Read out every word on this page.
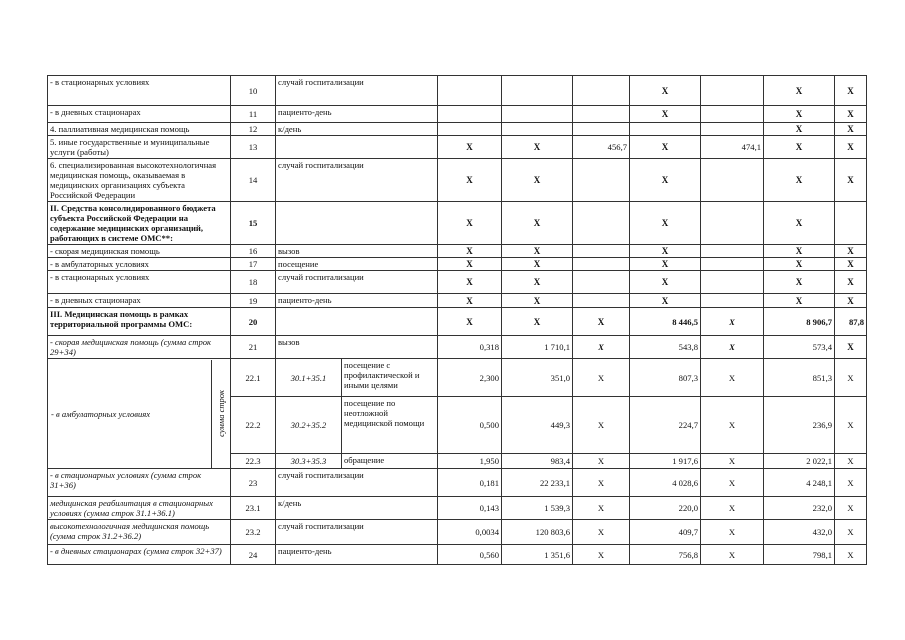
- в стационарных условиях	10	случай госпитализации					X		X	X
- в дневных стационарах	11	пациенто-день					X		X	X
4. паллиативная медицинская помощь	12	к/день							X	X
5. иные государственные и муниципальные услуги (работы)	13			X	X	456,7	X	474,1	X	X
6. специализированная высокотехнологичная медицинская помощь, оказываемая в медицинских организациях субъекта Российской Федерации	14	случай госпитализации		X	X		X		X	X
II. Средства консолидированного бюджета субъекта Российской Федерации на содержание медицинских организаций, работающих в системе ОМС**:	15			X	X		X		X	
- скорая медицинская помощь	16	вызов		X	X		X		X	X
- в амбулаторных условиях	17	посещение		X	X		X		X	X
- в стационарных условиях	18	случай госпитализации		X	X		X		X	X
- в дневных стационарах	19	пациенто-день		X	X		X		X	X
III. Медицинская помощь в рамках территориальной программы ОМС:	20			X	X	X	8 446,5	X	8 906,7	87,8
- скорая медицинская помощь (сумма строк 29+34)	21	вызов		0,318	1 710,1	X	543,8	X	573,4	X

- в амбулаторных условиях сумма строк	22.1	30.1+35.1	посещение с профилактической и иными целями	2,300	351,0	X	807,3	X	851,3	X
	22.2	30.2+35.2	посещение по неотложной медицинской помощи	0,500	449,3	X	224,7	X	236,9	X
	22.3	30.3+35.3	обращение	1,950	983,4	X	1 917,6	X	2 022,1	X
- в стационарных условиях (сумма строк 31+36)	23	случай госпитализации		0,181	22 233,1	X	4 028,6	X	4 248,1	X
медицинская реабилитация в стационарных условиях (сумма строк 31.1+36.1)	23.1	к/день		0,143	1 539,3	X	220,0	X	232,0	X
высокотехнологичная медицинская помощь (сумма строк 31.2+36.2)	23.2	случай госпитализации		0,0034	120 803,6	X	409,7	X	432,0	X
- в дневных стационарах (сумма строк 32+37)	24	пациенто-день		0,560	1 351,6	X	756,8	X	798,1	X
